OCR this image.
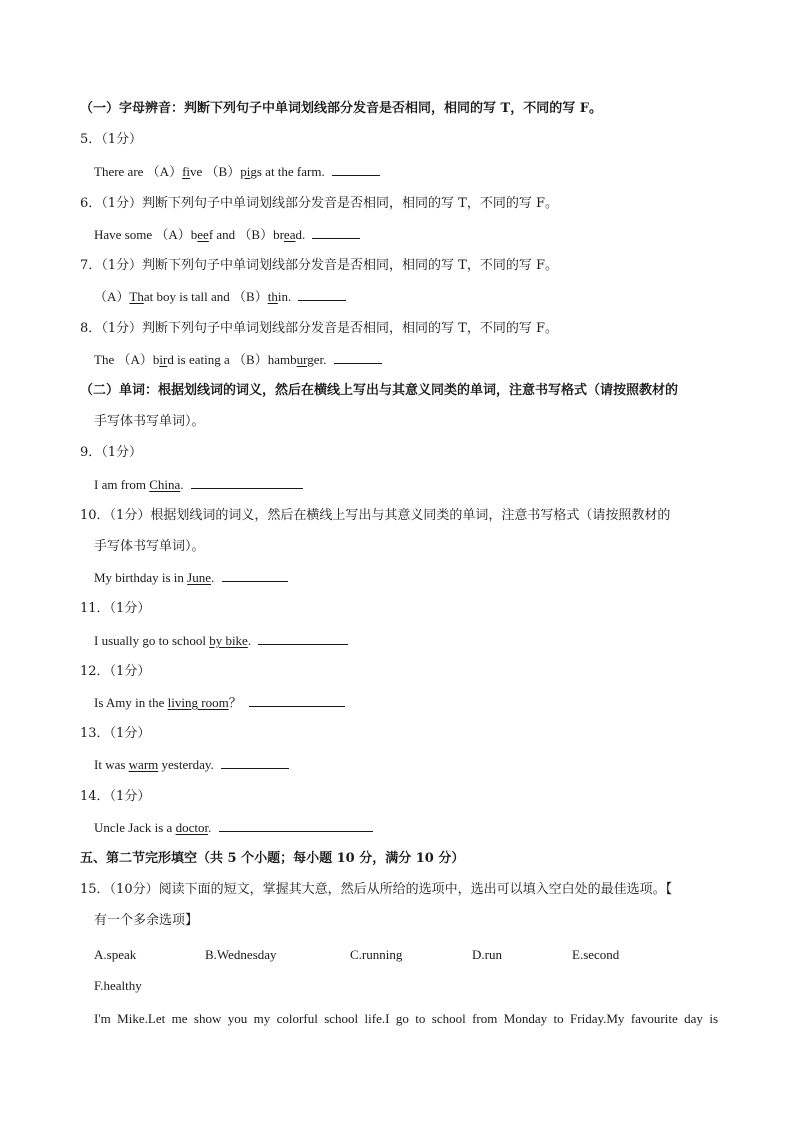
（一）字母辨音：判断下列句子中单词划线部分发音是否相同，相同的写 T，不同的写 F。
5．（1分）
There are （A）five （B）pigs at the farm.
6．（1分）判断下列句子中单词划线部分发音是否相同，相同的写 T，不同的写 F。
Have some （A）beef and （B）bread.
7．（1分）判断下列句子中单词划线部分发音是否相同，相同的写 T，不同的写 F。
（A）That boy is tall and （B）thin.
8．（1分）判断下列句子中单词划线部分发音是否相同，相同的写 T，不同的写 F。
The （A）bird is eating a （B）hamburger.
（二）单词：根据划线词的词义，然后在横线上写出与其意义同类的单词，注意书写格式（请按照教材的
手写体书写单词）。
9．（1分）
I am from China.
10．（1分）根据划线词的词义，然后在横线上写出与其意义同类的单词，注意书写格式（请按照教材的
手写体书写单词）。
My birthday is in June.
11．（1分）
I usually go to school by bike.
12．（1分）
Is Amy in the living room？
13．（1分）
It was warm yesterday.
14．（1分）
Uncle Jack is a doctor.
五、第二节完形填空（共 5 个小题；每小题 10 分，满分 10 分）
15．（10分）阅读下面的短文，掌握其大意，然后从所给的选项中，选出可以填入空白处的最佳选项。【
有一个多余选项】
A.speak	B.Wednesday	C.running	D.run	E.second
F.healthy
I'm Mike.Let me show you my colorful school life.I go to school from Monday to Friday.My favourite day is
